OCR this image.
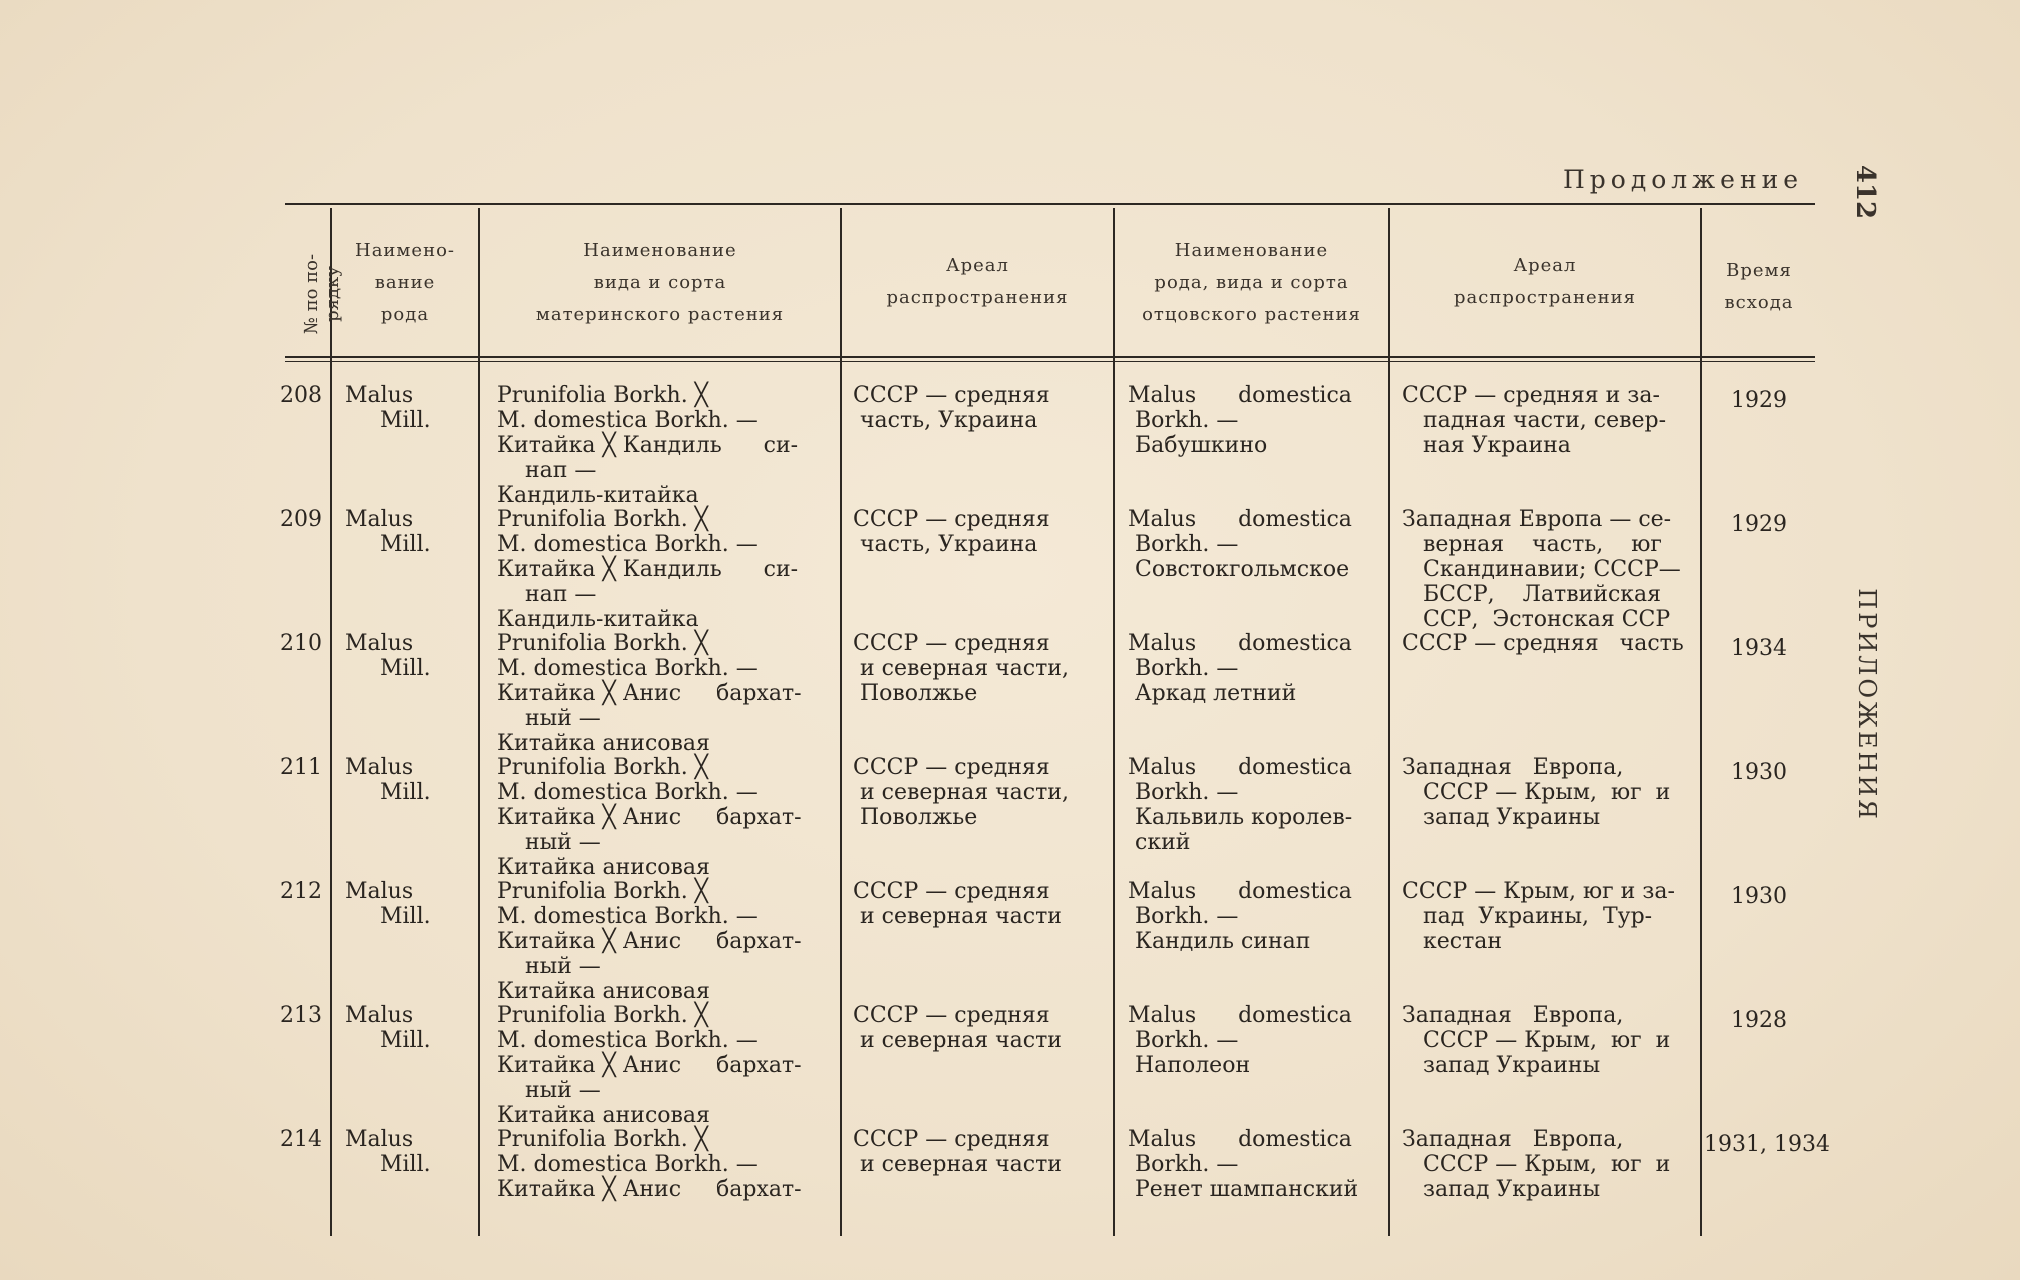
Продолжение 412
ПРИЛОЖЕНИЯ
№ по по-
рядку
Наимено-
вание
рода
Наименование
вида и сорта
материнского растения
Ареал
распространения
Наименование
рода, вида и сорта
отцовского растения
Ареал
распространения
Время
всхода
208 Malus
Mill.
Prunifolia Borkh. ╳
M. domestica Borkh. —
Китайка ╳ Кандиль      си-
нап —
Кандиль-китайка
СССР — средняя
часть, Украина
Malus      domestica
Borkh. —
Бабушкино
СССР — средняя и за-
падная части, север-
ная Украина
1929
209 Malus
Mill.
Prunifolia Borkh. ╳
M. domestica Borkh. —
Китайка ╳ Кандиль      си-
нап —
Кандиль-китайка
СССР — средняя
часть, Украина
Malus      domestica
Borkh. —
Совстокгольмское
Западная Европа — се-
верная    часть,    юг
Скандинавии; СССР—
БССР,    Латвийская
ССР,  Эстонская ССР
1929
210 Malus
Mill.
Prunifolia Borkh. ╳
M. domestica Borkh. —
Китайка ╳ Анис     бархат-
ный —
Китайка анисовая
СССР — средняя
и северная части,
Поволжье
Malus      domestica
Borkh. —
Аркад летний
СССР — средняя   часть	1934
211 Malus
Mill.
Prunifolia Borkh. ╳
M. domestica Borkh. —
Китайка ╳ Анис     бархат-
ный —
Китайка анисовая
СССР — средняя
и северная части,
Поволжье
Malus      domestica
Borkh. —
Кальвиль королев-
ский
Западная   Европа,
СССР — Крым,  юг  и
запад Украины
1930
212 Malus
Mill.
Prunifolia Borkh. ╳
M. domestica Borkh. —
Китайка ╳ Анис     бархат-
ный —
Китайка анисовая
СССР — средняя
и северная части
Malus      domestica
Borkh. —
Кандиль синап
СССР — Крым, юг и за-
пад  Украины,  Тур-
кестан
1930
213 Malus
Mill.
Prunifolia Borkh. ╳
M. domestica Borkh. —
Китайка ╳ Анис     бархат-
ный —
Китайка анисовая
СССР — средняя
и северная части
Malus      domestica
Borkh. —
Наполеон
Западная   Европа,
СССР — Крым,  юг  и
запад Украины
1928
214 Malus
Mill.
Prunifolia Borkh. ╳
M. domestica Borkh. —
Китайка ╳ Анис     бархат-
СССР — средняя
и северная части
Malus      domestica
Borkh. —
Ренет шампанский
Западная   Европа,
СССР — Крым,  юг  и
запад Украины
1931, 1934
